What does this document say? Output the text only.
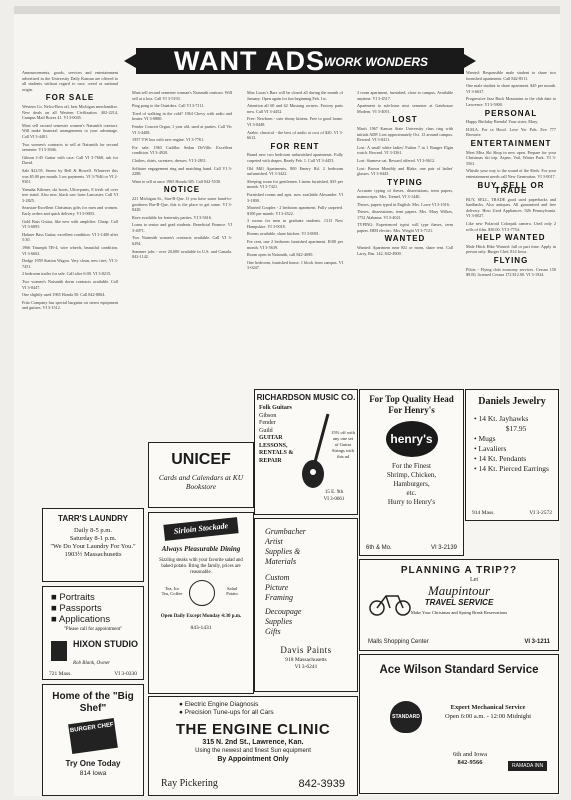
WANT ADS WORK WONDERS

Announcements, goods, services and entertainment advertised in the University Daily Kansan are offered to all students without regard to race, creed or national origin.

FOR SALE

Western Co. Nelco-Bros oil, best Michigan merchandise. New deals on all Western Civilization. 402-2214, Campus Mail Boxes 41. VI 3-0045.

Must sell second semester women's Naismith contract. Will make financial arrangements to your advantage. Call VI 3-4401.

Two women's contracts to sell at Naismith for second semester. VI 3-3946.

Gibson J-45 Guitar with case. Call VI 3-7668, ask for David.

Sale $22.95. Stereo by Bell & Howell. Whatever this was $5.00 per month. Low payments. VI 3-7646 or VI 2-9301.

Yamaha Kilimer, ski boots, Ultra-pants, 8 fresh oil over tree stand. Also new, black saw from Lancaster. Call VI 3-2825.

Searsian-Excellent Christmas gifts for men and women. Early orders and quick delivery. VI 3-0003.

Gold Bass Guitar, like new with amplifier. Cheap. Call VI 3-6895.

Hohner Bass Guitar, excellent condition. VI 3-1400 after 5:30.

1966 Triumph TR-4, wire wheels, beautiful condition. VI 3-6602.

Dodge 1959 Station Wagon. Very clean, new tires. VI 3-7451.

2 bedroom trailer for sale. Call after 6:00. VI 3-8215.

Two women's Naismith dorm contracts available. Call VI 3-0447.

One slightly used 1965 Honda 50. Call 842-8064.

Fritz Company has special bargains on stereo equipment and guitars. VI 3-1512.

Must sell second semester woman's Naismith contract. Will sell at a loss. Call VI 3-5193.

Ping pong to the Outriders. Call VI 3-7111.

Tired of walking in the cold? 1964 Chevy with radio and heater. VI 3-0880.

Fender Concert Organ, 1 year old, used at parties. Call Vic VI 3-4408.

1957 VW bus with new engine. VI 3-7761.

For sale: 1963 Cadillac Sedan DeVille. Excellent condition. VI 3-4920.

Clothes, shirts, sweaters, dresses. VI 3-2811.

Solitaire engagement ring and matching band. Call VI 3-2288.

Want to sell at once 1965 Honda 305. Call 842-5530.

NOTICE

221 Michigan St., Star-B-Que. If you have some hand-to-goodness Bar-B-Que, this is the place to get some. VI 3-8420.

Rave available for fraternity parties. VI 3-5616.

Loans to senior and grad students. Beneficial Finance. VI 3-4071.

Two Naismith women's contracts available. Call VI 3-6294.

Summer jobs - over 20,000 available in U.S. and Canada. 842-1142.

Max Lucas's Bars will be closed all during the month of January. Open again for fun beginning Feb. 1st.

Attention all 60 and 62 Mustang owners. Factory parts now. Call VI 3-4452.

Free: Newborn - cute ebony kittens. Free to good home. VI 3-0448.

Arabic classical - the best of audio at cost of $20. VI 3-6612.

FOR RENT

Brand new two bedroom unfurnished apartments. Fully carpeted with drapes. Ready Feb. 1. Call VI 3-4453.

Old Mill Apartments, 800 Emery Rd. 2 bedroom unfurnished. VI 3-3422.

Sleeping room for gentlemen. Linens furnished, $35 per month. VI 3-7421.

Furnished rooms and apts. now available Alexander. VI 3-1800.

Married Couples - 2 bedroom apartment. Fully carpeted. $100 per month. VI 3-4522.

3 rooms for men in graduate students. 1313 New Hampshire. VI 3-0018.

Rooms available, share kitchen. VI 3-0081.

For rent, one 2 bedroom furnished apartment. $100 per month. VI 3-5639.

Room open in Naismith, call 842-4690.

One bedroom, furnished house. 1 block from campus. VI 3-0247.

3 room apartment, furnished, close to campus. Available anytime. VI 3-4517.

Apartment to sub-lease next semester at Gatehouse Modern. VI 3-4051.

LOST

Man's 1967 Kansas State University class ring with initials ADP. Lost approximately Oct. 13 around campus. Reward. VI 3-0411.

Lost: A small white ladies' Fulton 7 in 1 Ranger Elgin watch. Reward. VI 3-3361.

Lost: Siamese cat. Reward offered. VI 3-0612.

Lost: Brown Monthly and Blake, one pair of ladies' glasses. VI 3-0443.

TYPING

Accurate typing of theses, dissertations, term papers, manuscripts. Mrs. Tremel, VI 3-1440.

Theses, papers typed in English. Mrs. Lowe VI 3-1016.

Theses, dissertations, term papers. Mrs. Mary Wilkes, 1752 Alabama. VI 3-4021.

TYPING: Experienced typist will type theses, term papers. IBM electric. Mrs. Wright VI 3-7121.

WANTED

Wanted: Apartment near KU or mom, share rent. Call Larry, Rm. 142, 842-4900.

Wanted: Responsible male student to share two furnished apartments. Call 842-8511.

One male student to share apartment. $45 per month. VI 3-6637.

Progressive Jazz Buck Mountains to the club date to Lawrence. VI 3-5900.

PERSONAL

Happy Birthday Brenda! Your sister, Mary.

H.M.A. For ta Hood. Love Yer Pals. Eve 777 Brownie.

ENTERTAINMENT

Meet Miss Ski Shop in new open. Prepare for your Christmas ski trip. Aspen, Vail, Winter Park. VI 3-5561.

Whistle your way to the sound of the Sleds. For your entertainment needs call New Generation. VI 3-0017.

BUY, SELL OR TRADE

BUY, SELL, TRADE good used paperbacks and hardbacks. Also antiques. All guaranteed and free delivery. Hoss Used Appliances. 926 Pennsylvania. VI 3-0027.

Like new Polaroid Colorpak camera. Used only 2 rolls of film. $30.00. VI 3-7754.

HELP WANTED

Male Hitch Hike Wanted: full or part time. Apply in person only. Burger Chef, 814 Iowa.

FLYING

Pilots - Flying club economy services. Cessna 150 $9.00, licensed Cessna 172 $12.00. VI 3-1924.

RICHARDSON MUSIC CO.
Folk Guitars
Gibson
Fender
Guild
GUITAR
LESSONS,
RENTALS &
REPAIR
15% off with any one set of Guitar Strings with this ad
15 E. 9th
VI 3-0661
For Top Quality Head For Henry's
henry's
For the Finest
Shrimp, Chicken,
Hamburgers,
etc.
Hurry to Henry's
6th & Mo.	VI 3-2139
Daniels Jewelry
• 14 Kt. Jayhawks
$17.95
• Mugs
• Lavaliers
• 14 Kt. Pendants
• 14 Kt. Pierced Earrings
914 Mass.	VI 3-2572
UNICEF
Cards and Calendars at KU Bookstore
TARR'S LAUNDRY
Daily 8-5 p.m.
Saturday 8-1 p.m.
"We Do Your Laundry For You."
1903½ Massachusetts
Sirloin Stockade
Always Pleasurable Dining
Sizzling steaks with your favorite salad and baked potato. Bring the family, prices are reasonable.
Tea, Ice Tea, Coffee
Salad Potato
Open Daily Except Monday 4:30 p.m.
843-1431
Grumbacher
Artist
Supplies &
Materials
Custom
Picture
Framing
Decoupage
Supplies
Gifts
Davis Paints
918 Massachusetts
VI 3-6241
PLANNING A TRIP??
Let
Maupintour
TRAVEL SERVICE
Make Your Christmas and Spring Break Reservations
Malls Shopping Center	VI 3-1211
■ Portraits
■ Passports
■ Applications
"Please call for appointment"
HIXON STUDIO
Rob Blank, Owner
721 Mass.	VI 3-0330	Ace Wilson Standard Service
STANDARD
Expert Mechanical Service
Open 6:00 a.m. - 12:00 Midnight
6th and Iowa
842-9566	RAMADA INN
Home of the "Big Shef"
BURGER CHEF
Try One Today
814 Iowa
● Electric Engine Diagnosis
● Precision Tune-ups for all Cars
THE ENGINE CLINIC
315 N. 2nd St., Lawrence, Kan.
Using the newest and finest Sun equipment
By Appointment Only
Ray Pickering	842-3939
